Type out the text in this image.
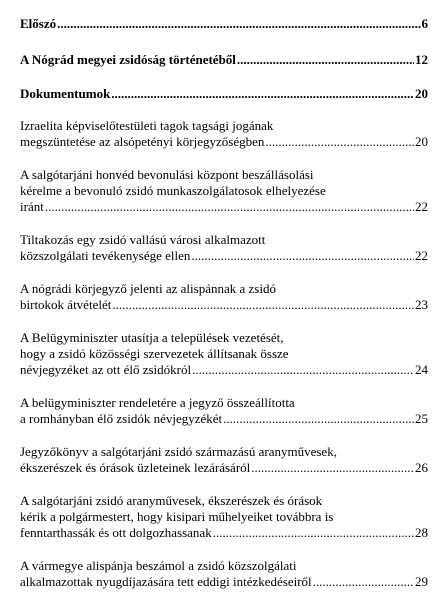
Előszó .....	6
A Nógrád megyei zsidóság történetéből .....	12
Dokumentumok .....	20
Izraelita képviselőtestületi tagok tagsági jogának
megszüntetése az alsópetényi körjegyzőségben .....	20
A salgótarjáni honvéd bevonulási központ beszállásolási
kérelme a bevonuló zsidó munkaszolgálatosok elhelyezése
iránt .....	22
Tiltakozás egy zsidó vallású városi alkalmazott
közszolgálati tevékenysége ellen .....	22
A nógrádi körjegyző jelenti az alispánnak a zsidó
birtokok átvételét .....	23
A Belügyminiszter utasítja a települések vezetését,
hogy a zsidó közösségi szervezetek állítsanak össze
névjegyzéket az ott élő zsidókról .....	24
A belügyminiszter rendeletére a jegyző összeállította
a romhányban élő zsidók névjegyzékét .....	25
Jegyzőkönyv a salgótarjáni zsidó származású aranyművesek,
ékszerészek és órások üzleteinek lezárásáról .....	26
A salgótarjáni zsidó aranyművesek, ékszerészek és órások
kérik a polgármestert, hogy kisipari műhelyeiket továbbra is
fenntarthassák és ott dolgozhassanak .....	28
A vármegye alispánja beszámol a zsidó közszolgálati
alkalmazottak nyugdíjazására tett eddigi intézkedéseiről .....	29
